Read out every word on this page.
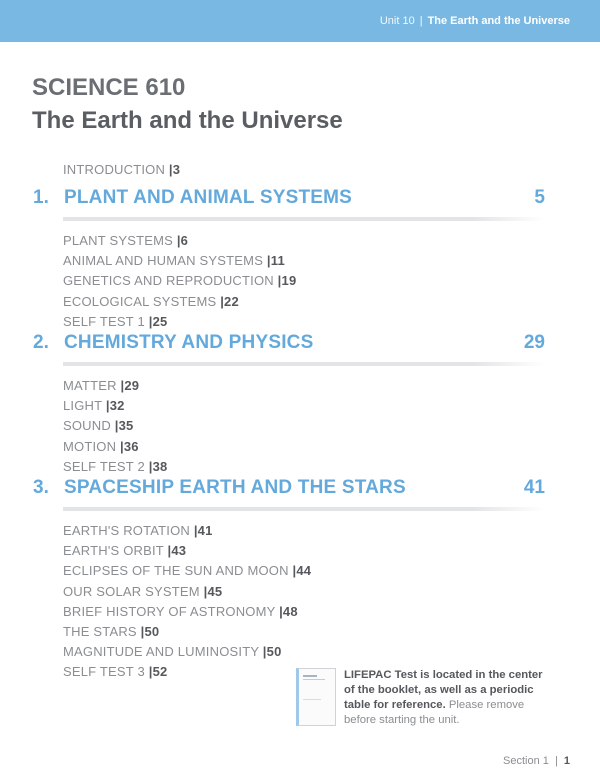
Unit 10 | The Earth and the Universe
SCIENCE 610
The Earth and the Universe
INTRODUCTION |3
1. PLANT AND ANIMAL SYSTEMS	5
PLANT SYSTEMS |6
ANIMAL AND HUMAN SYSTEMS |11
GENETICS AND REPRODUCTION |19
ECOLOGICAL SYSTEMS |22
SELF TEST 1 |25
2. CHEMISTRY AND PHYSICS	29
MATTER |29
LIGHT |32
SOUND |35
MOTION |36
SELF TEST 2 |38
3. SPACESHIP EARTH AND THE STARS	41
EARTH'S ROTATION |41
EARTH'S ORBIT |43
ECLIPSES OF THE SUN AND MOON |44
OUR SOLAR SYSTEM |45
BRIEF HISTORY OF ASTRONOMY |48
THE STARS |50
MAGNITUDE AND LUMINOSITY |50
SELF TEST 3 |52	LIFEPAC Test is located in the center of the booklet, as well as a periodic table for reference. Please remove before starting the unit.
Section 1 | 1
